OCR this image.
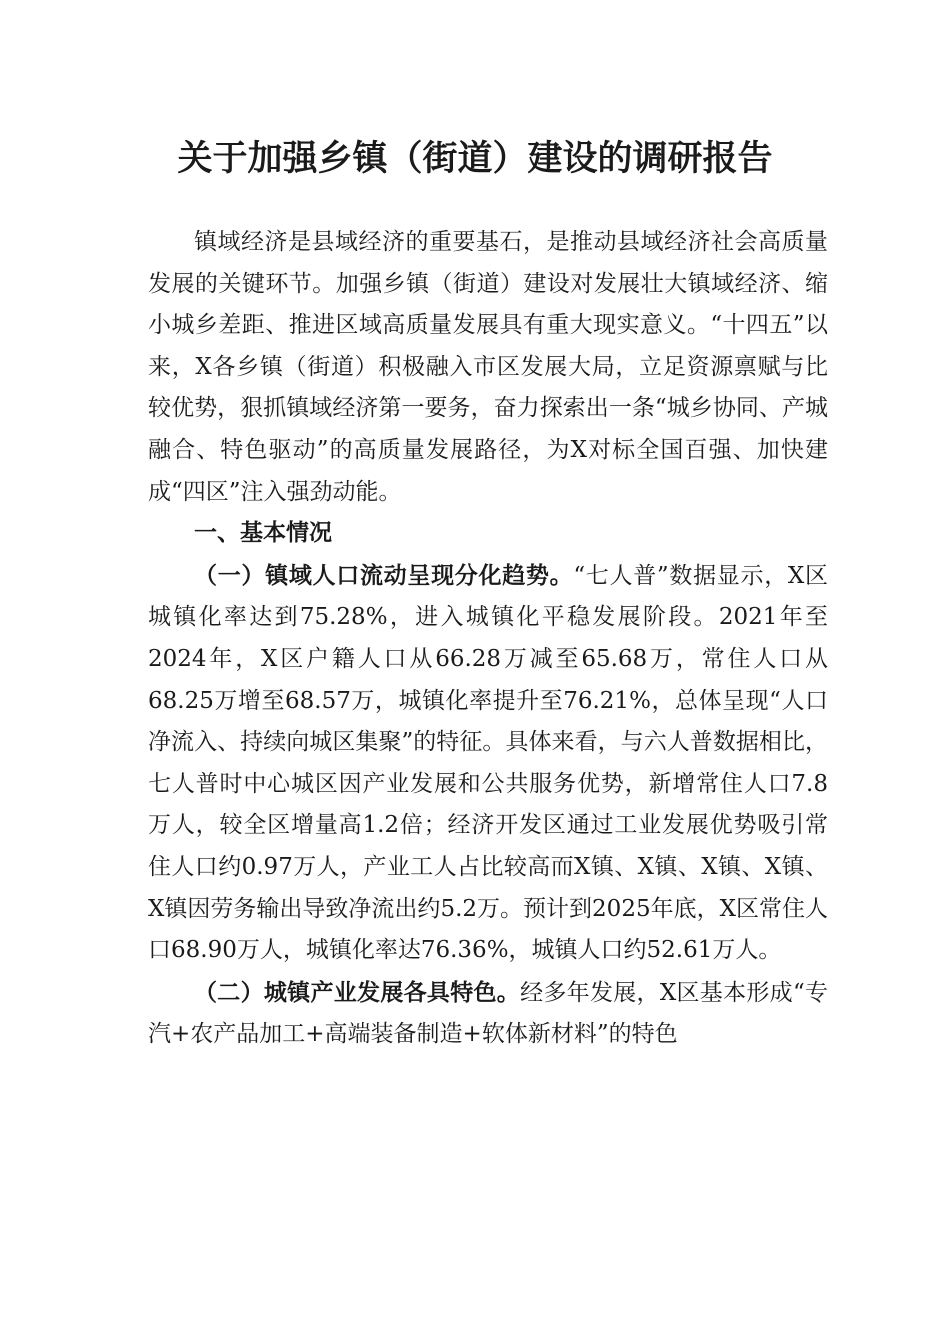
关于加强乡镇（街道）建设的调研报告

镇域经济是县域经济的重要基石，是推动县域经济社会高质量发展的关键环节。加强乡镇（街道）建设对发展壮大镇域经济、缩小城乡差距、推进区域高质量发展具有重大现实意义。“十四五”以来，X各乡镇（街道）积极融入市区发展大局，立足资源禀赋与比较优势，狠抓镇域经济第一要务，奋力探索出一条“城乡协同、产城融合、特色驱动”的高质量发展路径，为X对标全国百强、加快建成“四区”注入强劲动能。

一、基本情况

（一）镇域人口流动呈现分化趋势。“七人普”数据显示，X区城镇化率达到75.28%，进入城镇化平稳发展阶段。2021年至2024年，X区户籍人口从66.28万减至65.68万，常住人口从68.25万增至68.57万，城镇化率提升至76.21%，总体呈现“人口净流入、持续向城区集聚”的特征。具体来看，与六人普数据相比，七人普时中心城区因产业发展和公共服务优势，新增常住人口7.8万人，较全区增量高1.2倍；经济开发区通过工业发展优势吸引常住人口约0.97万人，产业工人占比较高而X镇、X镇、X镇、X镇、X镇因劳务输出导致净流出约5.2万。预计到2025年底，X区常住人口68.90万人，城镇化率达76.36%，城镇人口约52.61万人。

（二）城镇产业发展各具特色。经多年发展，X区基本形成“专汽+农产品加工+高端装备制造+软体新材料”的特色
